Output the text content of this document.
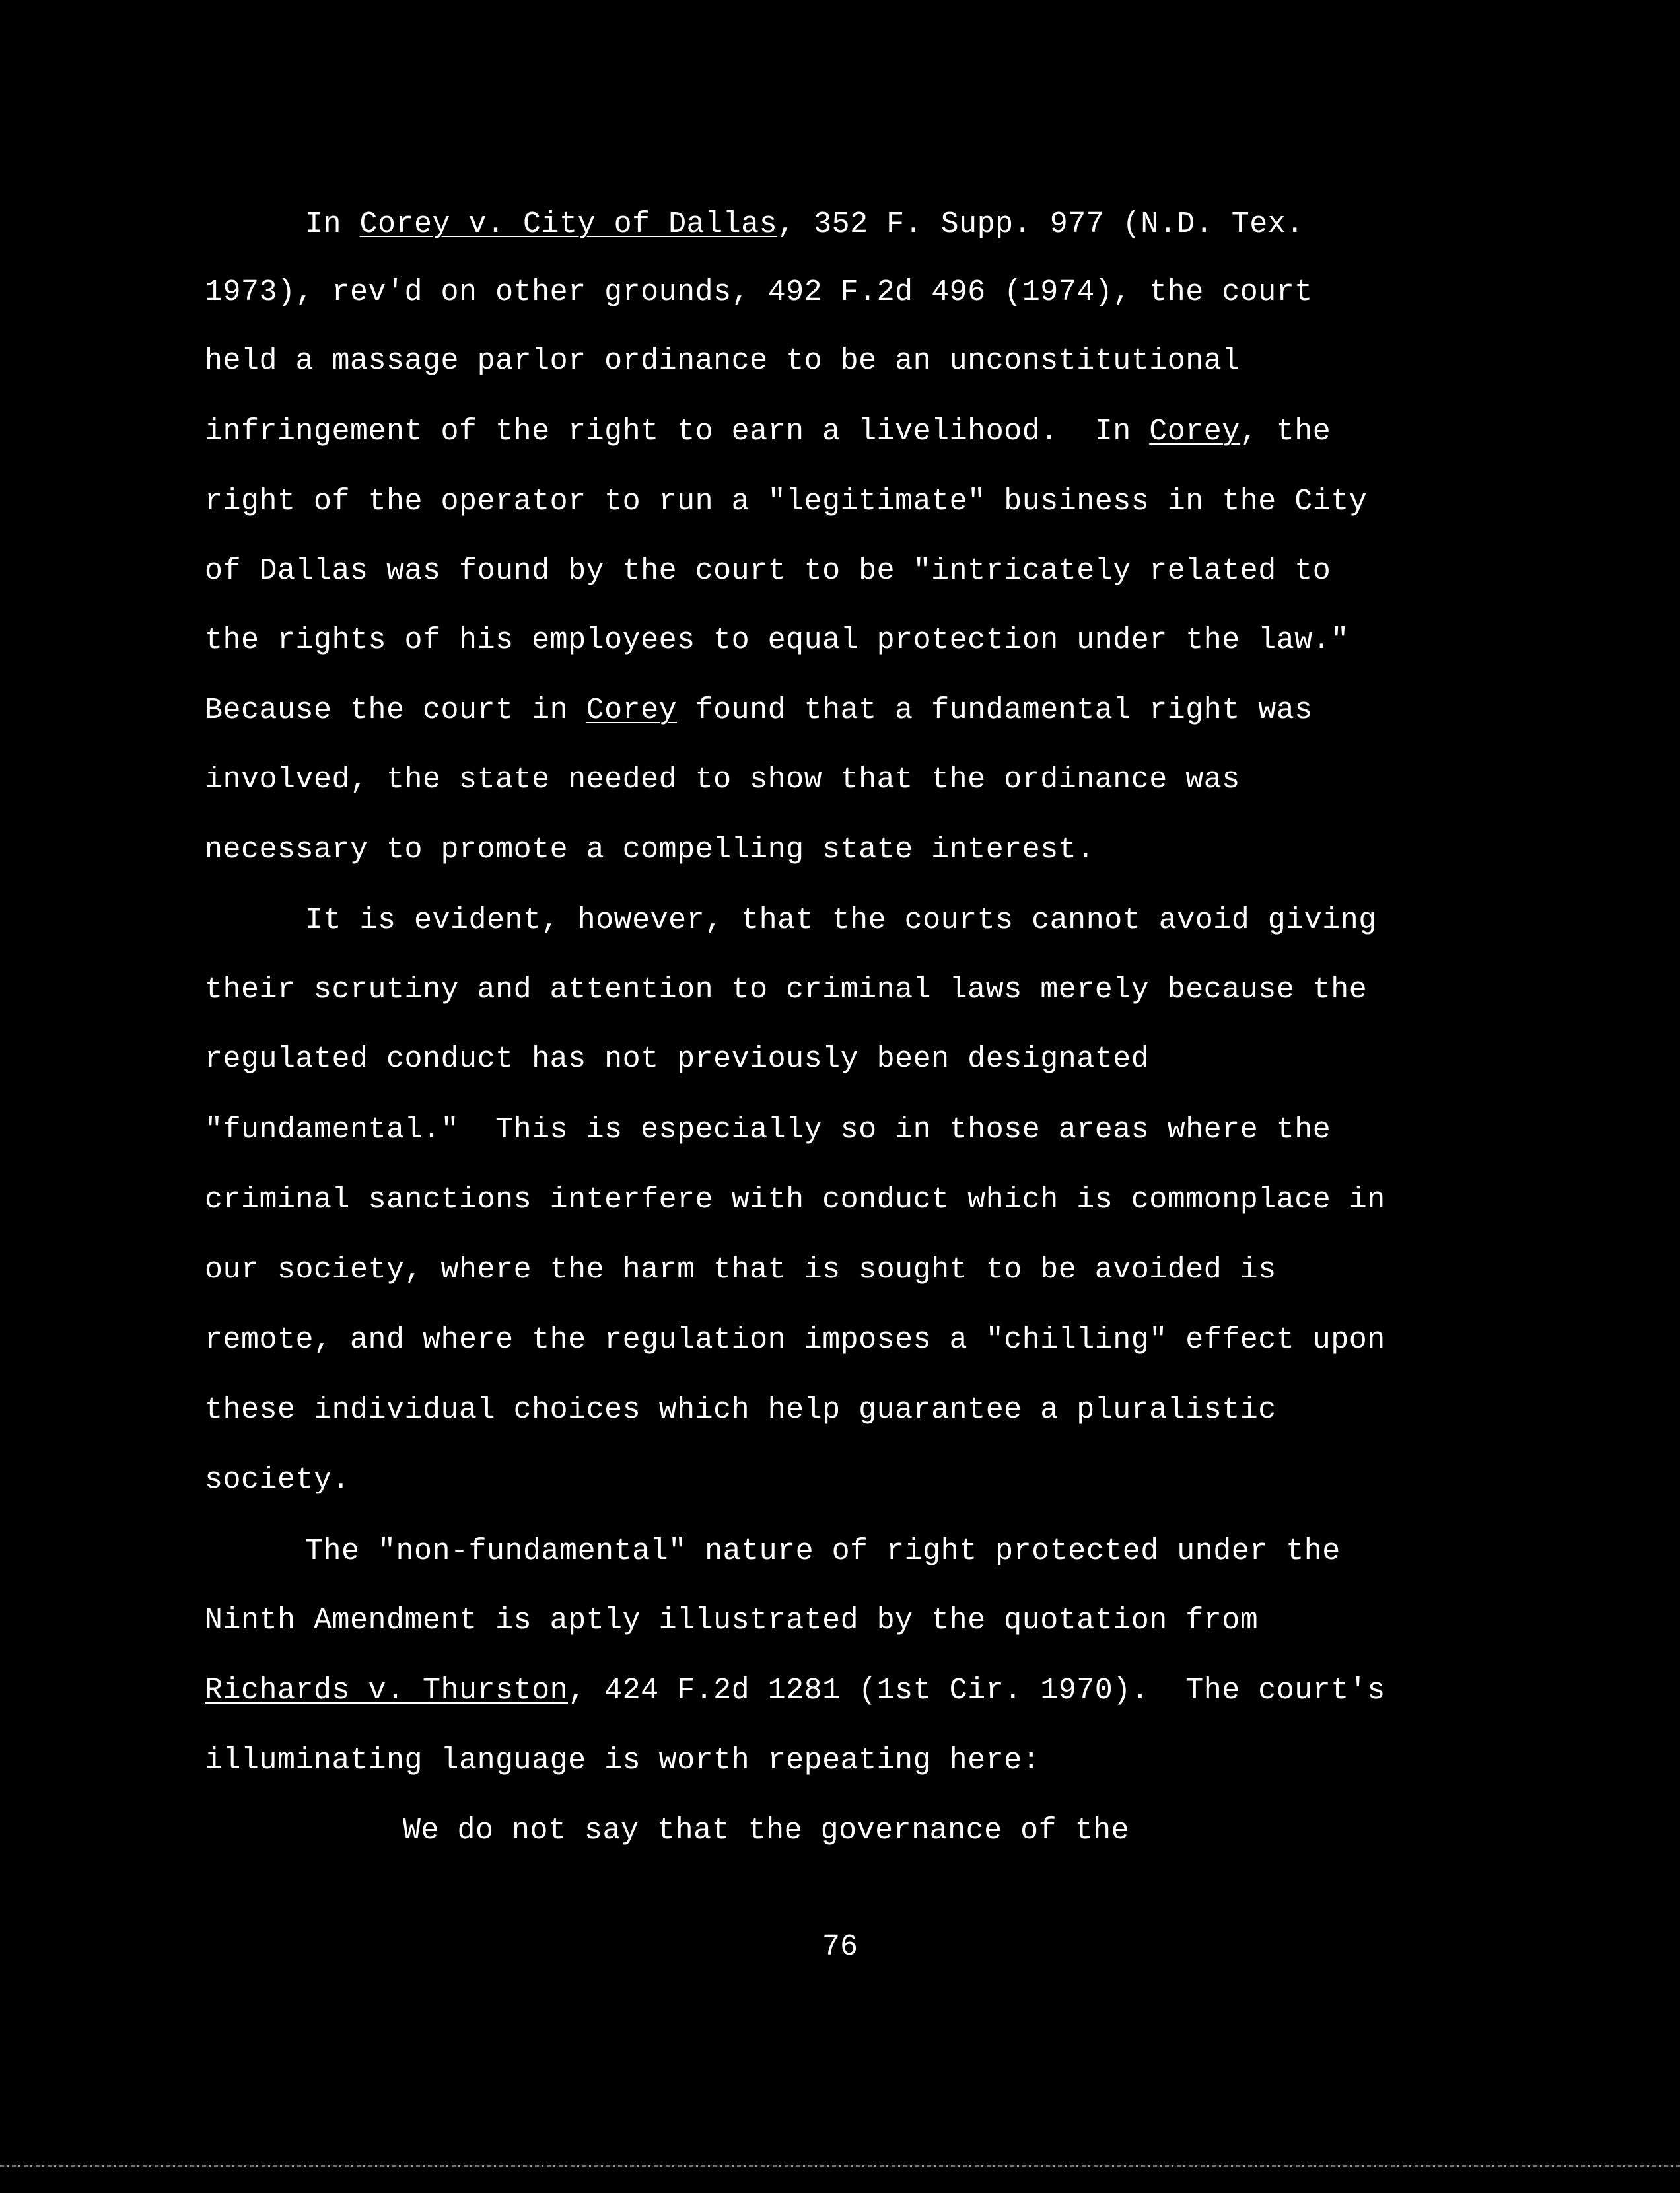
In Corey v. City of Dallas, 352 F. Supp. 977 (N.D. Tex.
1973), rev'd on other grounds, 492 F.2d 496 (1974), the court
held a massage parlor ordinance to be an unconstitutional
infringement of the right to earn a livelihood.  In Corey, the
right of the operator to run a "legitimate" business in the City
of Dallas was found by the court to be "intricately related to
the rights of his employees to equal protection under the law."
Because the court in Corey found that a fundamental right was
involved, the state needed to show that the ordinance was
necessary to promote a compelling state interest.
It is evident, however, that the courts cannot avoid giving
their scrutiny and attention to criminal laws merely because the
regulated conduct has not previously been designated
"fundamental."  This is especially so in those areas where the
criminal sanctions interfere with conduct which is commonplace in
our society, where the harm that is sought to be avoided is
remote, and where the regulation imposes a "chilling" effect upon
these individual choices which help guarantee a pluralistic
society.
The "non-fundamental" nature of right protected under the
Ninth Amendment is aptly illustrated by the quotation from
Richards v. Thurston, 424 F.2d 1281 (1st Cir. 1970).  The court's
illuminating language is worth repeating here:
We do not say that the governance of the
76
